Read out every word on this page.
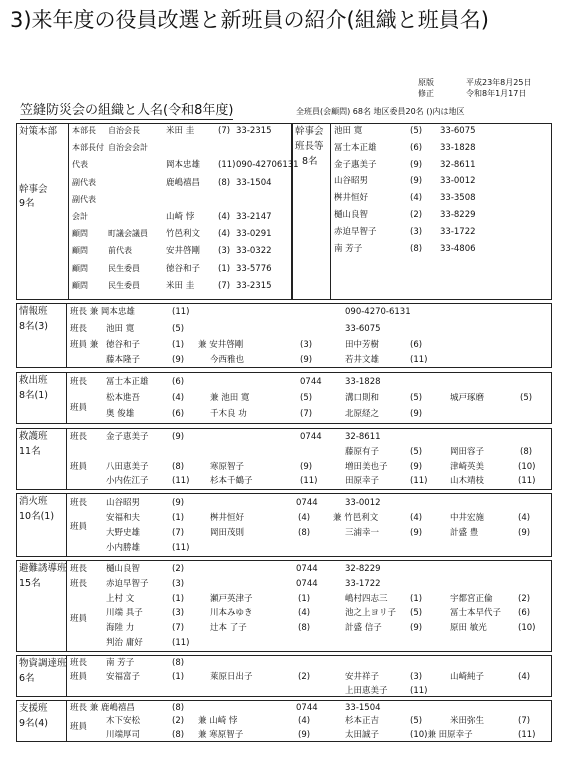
3)来年度の役員改選と新班員の紹介(組織と班員名)
原版	平成23年8月25日
修正	令和8年1月17日
笠縫防災会の組織と人名(令和8年度)	全班員(会顧問) 68名 地区委員20名 ()内は地区
対策本部
幹事会
9名
幹事会
班長等
8名
本部長 自治会長	米田 圭	(7) 33-2315
本部長付 自治会会計
代表	岡本忠雄 (11) 090-42706131
副代表	鹿嶋禧昌 (8) 33-1504
副代表
会計	山崎 悖	(4) 33-2147
顧問	町議会議員 竹邑利文 (4) 33-0291
顧問	前代表	安井啓剛 (3) 33-0322
顧問	民生委員	徳谷和子 (1) 33-5776
顧問	民生委員	米田 圭	(7) 33-2315
池田 寛	(5) 33-6075
冨士本正雄	(6) 33-1828
金子惠美子	(9) 32-8611
山谷昭男	(9) 33-0012
桝井恒好	(4) 33-3508
樋山良智	(2) 33-8229
赤迫早智子	(3) 33-1722
南 芳子	(8) 33-4806
情報班
8名(3)
班長 兼 岡本忠雄	(11)	090-4270-6131
班長 池田 寛	(5)	33-6075
班員 兼 徳谷和子	(1) 兼 安井啓剛	(3)	田中芳樹	(6)
藤本隆子	(9)	今西雅也	(9)	若井文雄	(11)
救出班
8名(1)
班長 冨士本正雄	(6)	0744	33-1828
班員
松本進吾	(4)	兼 池田 寛	(5)	溝口則和	(5)	城戸琢磨	(5)
奥 俊雄	(6)	千木良 功	(7)	北原経之	(9)
救護班
11名
班長 金子恵美子	(9)	0744	32-8611
藤原有子	(5)	岡田容子	(8)
班員 八田恵美子	(8)	寒原智子	(9)	増田美也子	(9)	津崎英美	(10)
小内佐江子	(11) 杉本千鶴子	(11)	田原幸子	(11)	山木靖枝	(11)
消火班
10名(1)
班長 山谷昭男	(9)	0744	33-0012
班員
安福和夫	(1)	桝井恒好	(4)	兼 竹邑利文	(4)	中井宏施	(4)
大野史雄	(7)	岡田茂則	(8)	三浦幸一	(9)	計盛 豊	(9)
小内勝雄	(11)
避難誘導班
15名
班長 樋山良智	(2)	0744	32-8229
班長 赤迫早智子	(3)	0744	33-1722
上村 文	(1)	瀬戸英津子	(1)	嶋村四志三	(1)	宇都宮正倫	(2)
班員
川端 具子	(3)	川本みゆき	(4)	池之上ヨリ子 (5)	冨士本早代子 (6)
海陸 力	(7)	辻本 了子	(8)	計盛 信子	(9)	原田 敏光	(10)
判治 庸好	(11)
物資調達班
6名
班長 南 芳子	(8)
班員 安福富子	(1)	萊原日出子	(2)	安井祥子	(3)	山崎純子	(4)
上田恵美子	(11)
支援班
9名(4)
班長 兼 鹿嶋禧昌	(8)	0744	33-1504
班員
木下安松	(2) 兼 山崎 悖	(4)	杉本正吉	(5)	米田弥生	(7)
川端厚司	(8) 兼 寒原智子	(9)	太田誠子	(10)兼 田原幸子	(11)
